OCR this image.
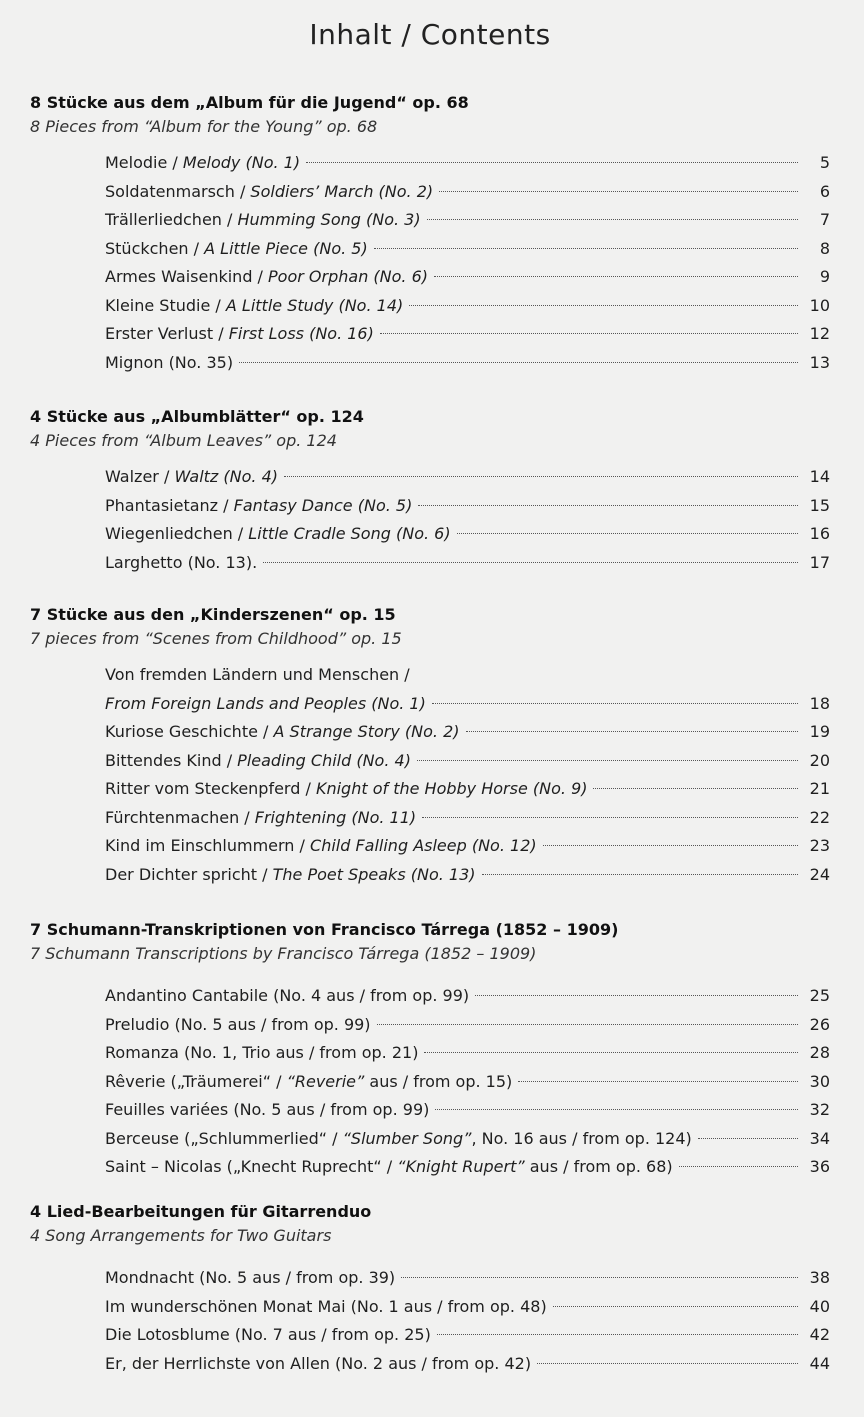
Inhalt / Contents
8 Stücke aus dem „Album für die Jugend“ op. 68
8 Pieces from “Album for the Young” op. 68
Melodie / Melody (No. 1)	5
Soldatenmarsch / Soldiers’ March (No. 2)	6
Trällerliedchen / Humming Song (No. 3)	7
Stückchen / A Little Piece (No. 5)	8
Armes Waisenkind / Poor Orphan (No. 6)	9
Kleine Studie / A Little Study (No. 14)	10
Erster Verlust / First Loss (No. 16)	12
Mignon (No. 35)	13
4 Stücke aus „Albumblätter“ op. 124
4 Pieces from “Album Leaves” op. 124
Walzer / Waltz (No. 4)	14
Phantasietanz / Fantasy Dance (No. 5)	15
Wiegenliedchen / Little Cradle Song (No. 6)	16
Larghetto (No. 13).	17
7 Stücke aus den „Kinderszenen“ op. 15
7 pieces from “Scenes from Childhood” op. 15
Von fremden Ländern und Menschen /
From Foreign Lands and Peoples (No. 1)	18
Kuriose Geschichte / A Strange Story (No. 2)	19
Bittendes Kind / Pleading Child (No. 4)	20
Ritter vom Steckenpferd / Knight of the Hobby Horse (No. 9)	21
Fürchtenmachen / Frightening (No. 11)	22
Kind im Einschlummern / Child Falling Asleep (No. 12)	23
Der Dichter spricht / The Poet Speaks (No. 13)	24
7 Schumann-Transkriptionen von Francisco Tárrega (1852 – 1909)
7 Schumann Transcriptions by Francisco Tárrega (1852 – 1909)
Andantino Cantabile (No. 4 aus / from op. 99)	25
Preludio (No. 5 aus / from op. 99)	26
Romanza (No. 1, Trio aus / from op. 21)	28
Rêverie („Träumerei“ / “Reverie” aus / from op. 15)	30
Feuilles variées (No. 5 aus / from op. 99)	32
Berceuse („Schlummerlied“ / “Slumber Song”, No. 16 aus / from op. 124)	34
Saint – Nicolas („Knecht Ruprecht“ / “Knight Rupert” aus / from op. 68)	36
4 Lied-Bearbeitungen für Gitarrenduo
4 Song Arrangements for Two Guitars
Mondnacht (No. 5 aus / from op. 39)	38
Im wunderschönen Monat Mai (No. 1 aus / from op. 48)	40
Die Lotosblume (No. 7 aus / from op. 25)	42
Er, der Herrlichste von Allen (No. 2 aus / from op. 42)	44
